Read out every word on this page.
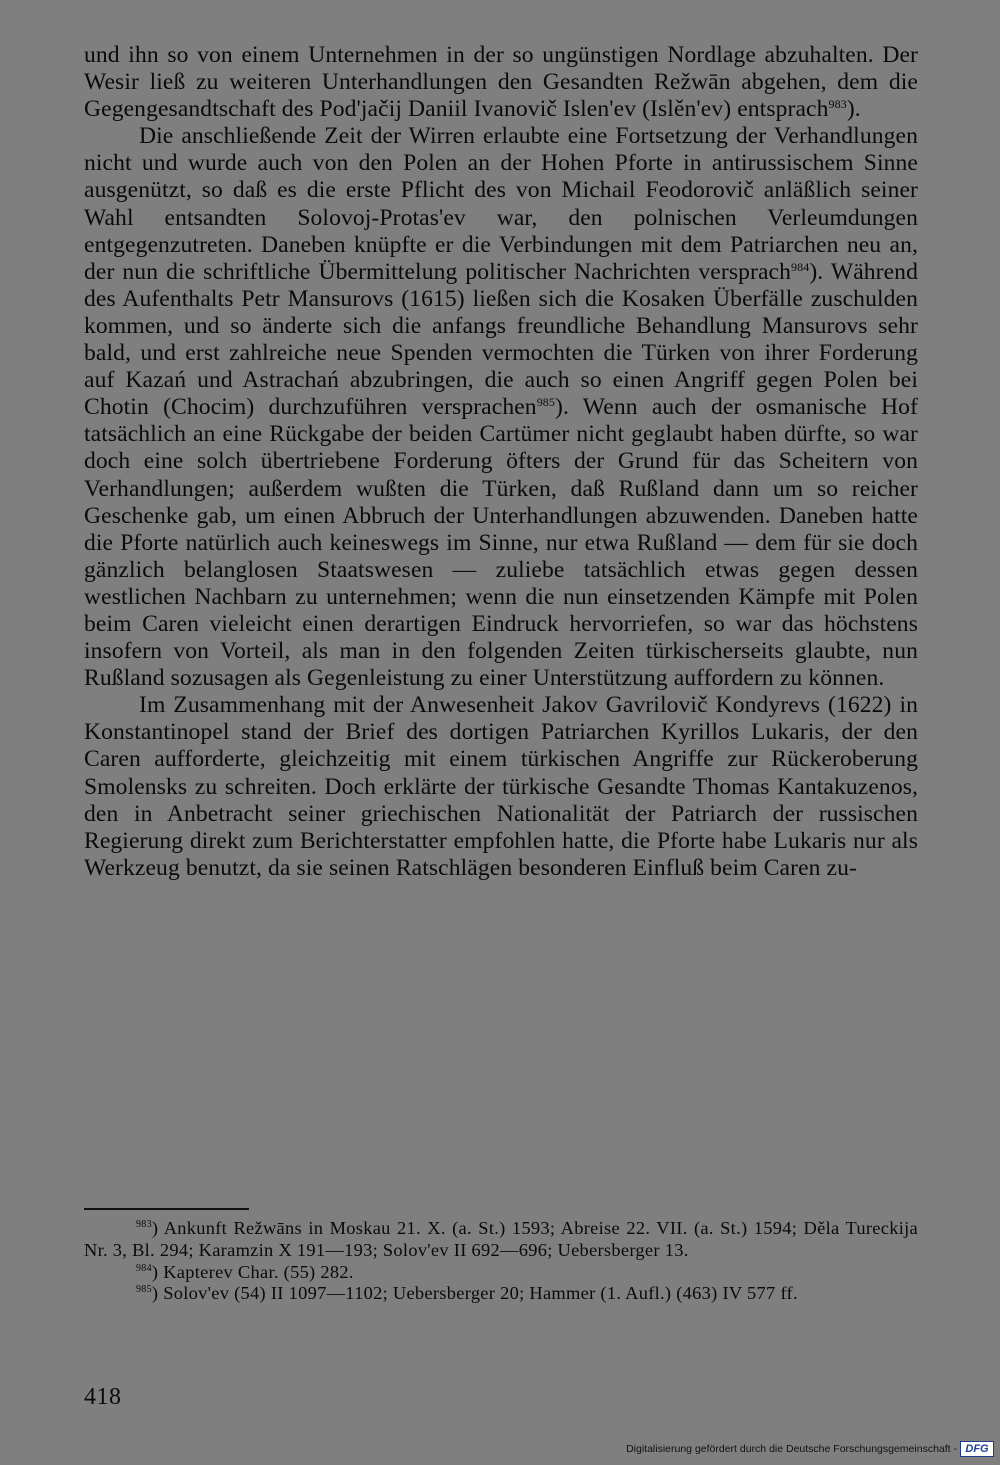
und ihn so von einem Unternehmen in der so ungünstigen Nordlage abzuhalten. Der Wesir ließ zu weiteren Unterhandlungen den Gesandten Režwān abgehen, dem die Gegengesandtschaft des Pod'jačij Daniil Ivanovič Islen'ev (Islěn'ev) entsprach$^{983}$).

Die anschließende Zeit der Wirren erlaubte eine Fortsetzung der Verhandlungen nicht und wurde auch von den Polen an der Hohen Pforte in antirussischem Sinne ausgenützt, so daß es die erste Pflicht des von Michail Feodorovič anläßlich seiner Wahl entsandten Solovoj-Protas'ev war, den polnischen Verleumdungen entgegenzutreten. Daneben knüpfte er die Verbindungen mit dem Patriarchen neu an, der nun die schriftliche Übermittelung politischer Nachrichten versprach$^{984}$). Während des Aufenthalts Petr Mansurovs (1615) ließen sich die Kosaken Überfälle zuschulden kommen, und so änderte sich die anfangs freundliche Behandlung Mansurovs sehr bald, und erst zahlreiche neue Spenden vermochten die Türken von ihrer Forderung auf Kazań und Astrachań abzubringen, die auch so einen Angriff gegen Polen bei Chotin (Chocim) durchzuführen versprachen$^{985}$). Wenn auch der osmanische Hof tatsächlich an eine Rückgabe der beiden Cartümer nicht geglaubt haben dürfte, so war doch eine solch übertriebene Forderung öfters der Grund für das Scheitern von Verhandlungen; außerdem wußten die Türken, daß Rußland dann um so reicher Geschenke gab, um einen Abbruch der Unterhandlungen abzuwenden. Daneben hatte die Pforte natürlich auch keineswegs im Sinne, nur etwa Rußland — dem für sie doch gänzlich belanglosen Staatswesen — zuliebe tatsächlich etwas gegen dessen westlichen Nachbarn zu unternehmen; wenn die nun einsetzenden Kämpfe mit Polen beim Caren vieleicht einen derartigen Eindruck hervorriefen, so war das höchstens insofern von Vorteil, als man in den folgenden Zeiten türkischerseits glaubte, nun Rußland sozusagen als Gegenleistung zu einer Unterstützung auffordern zu können.

Im Zusammenhang mit der Anwesenheit Jakov Gavrilovič Kondyrevs (1622) in Konstantinopel stand der Brief des dortigen Patriarchen Kyrillos Lukaris, der den Caren aufforderte, gleichzeitig mit einem türkischen Angriffe zur Rückeroberung Smolensks zu schreiten. Doch erklärte der türkische Gesandte Thomas Kantakuzenos, den in Anbetracht seiner griechischen Nationalität der Patriarch der russischen Regierung direkt zum Berichterstatter empfohlen hatte, die Pforte habe Lukaris nur als Werkzeug benutzt, da sie seinen Ratschlägen besonderen Einfluß beim Caren zu-

$^{983}$) Ankunft Režwāns in Moskau 21. X. (a. St.) 1593; Abreise 22. VII. (a. St.) 1594; Děla Tureckija Nr. 3, Bl. 294; Karamzin X 191—193; Solov'ev II 692—696; Uebersberger 13.

$^{984}$) Kapterev Char. (55) 282.

$^{985}$) Solov'ev (54) II 1097—1102; Uebersberger 20; Hammer (1. Aufl.) (463) IV 577 ff.

418
Digitalisierung gefördert durch die Deutsche Forschungsgemeinschaft - DFG
